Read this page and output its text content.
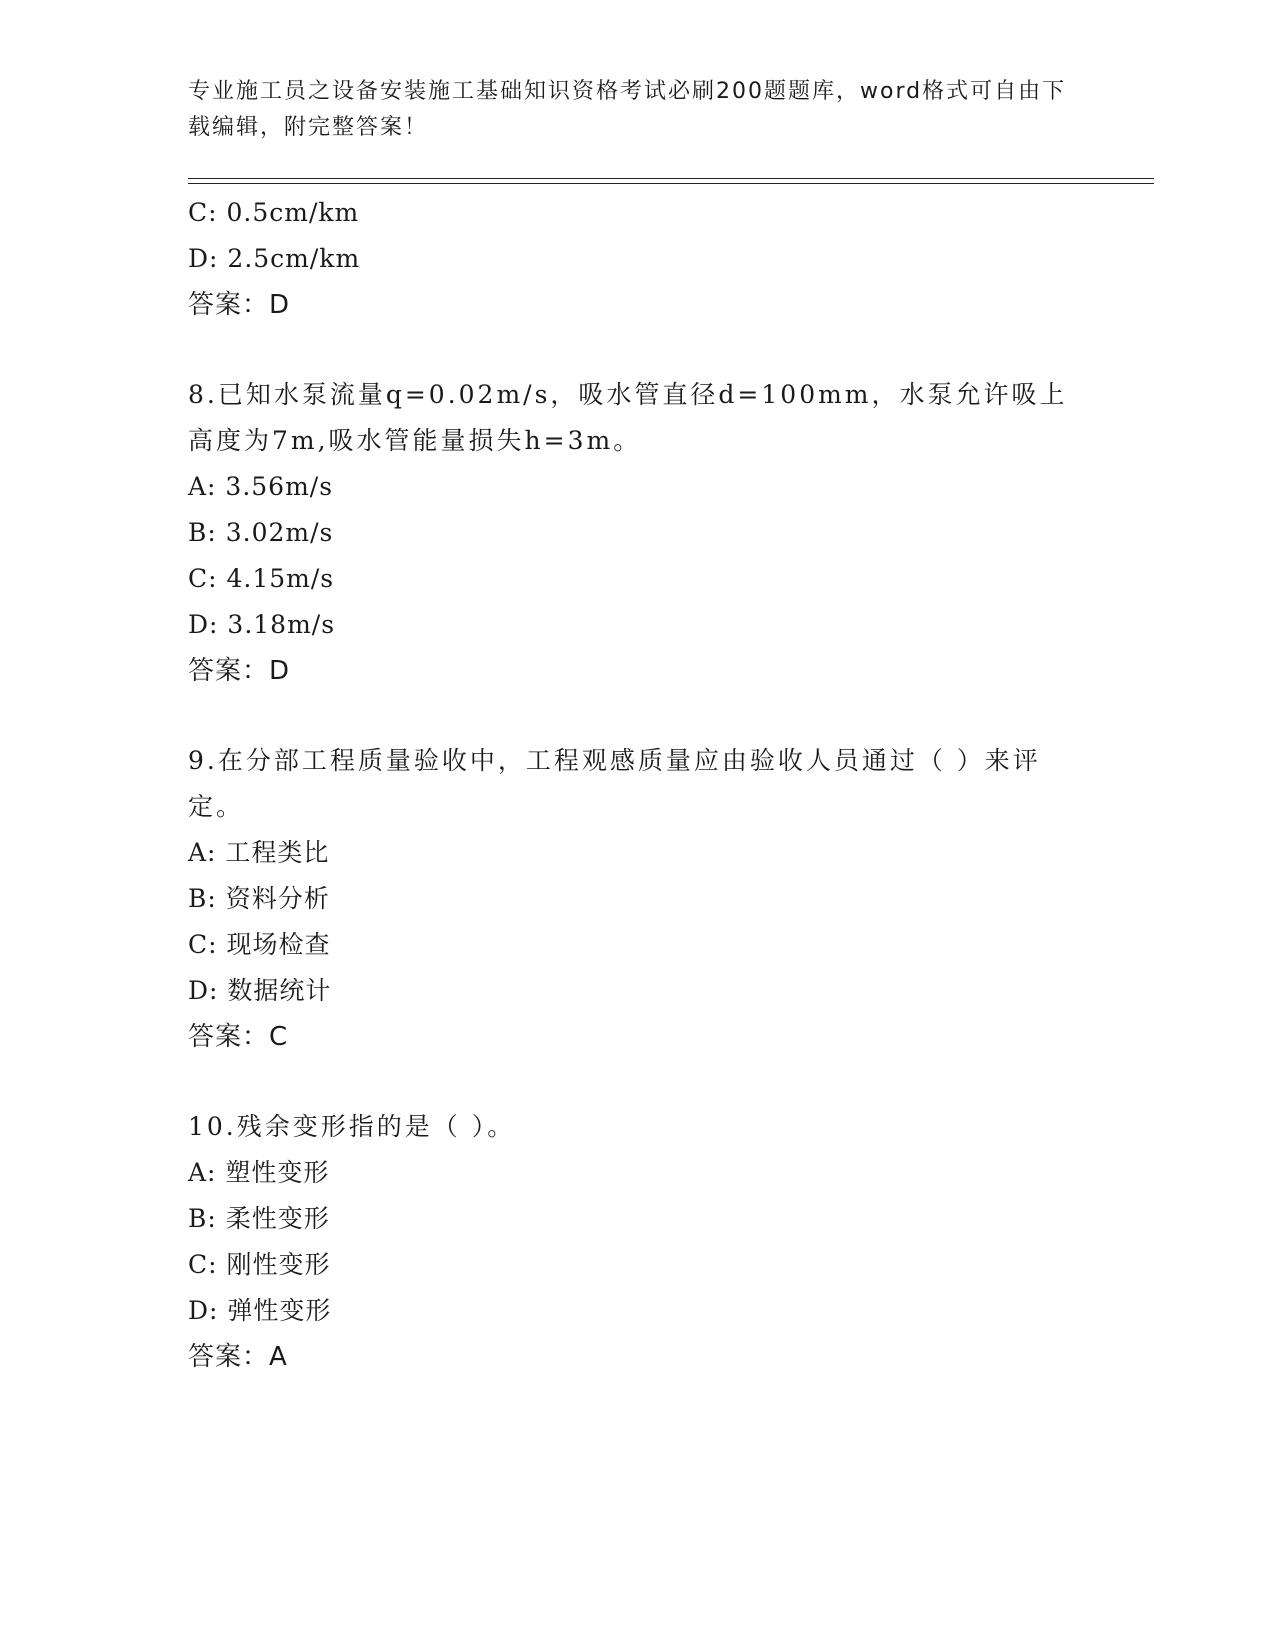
专业施工员之设备安装施工基础知识资格考试必刷200题题库，word格式可自由下载编辑，附完整答案！
C: 0.5cm/km
D: 2.5cm/km
答案：D
8.已知水泵流量q=0.02m/s，吸水管直径d=100mm，水泵允许吸上高度为7m,吸水管能量损失h=3m。
A: 3.56m/s
B: 3.02m/s
C: 4.15m/s
D: 3.18m/s
答案：D
9.在分部工程质量验收中，工程观感质量应由验收人员通过（ ）来评定。
A: 工程类比
B: 资料分析
C: 现场检查
D: 数据统计
答案：C
10.残余变形指的是（ ）。
A: 塑性变形
B: 柔性变形
C: 刚性变形
D: 弹性变形
答案：A
